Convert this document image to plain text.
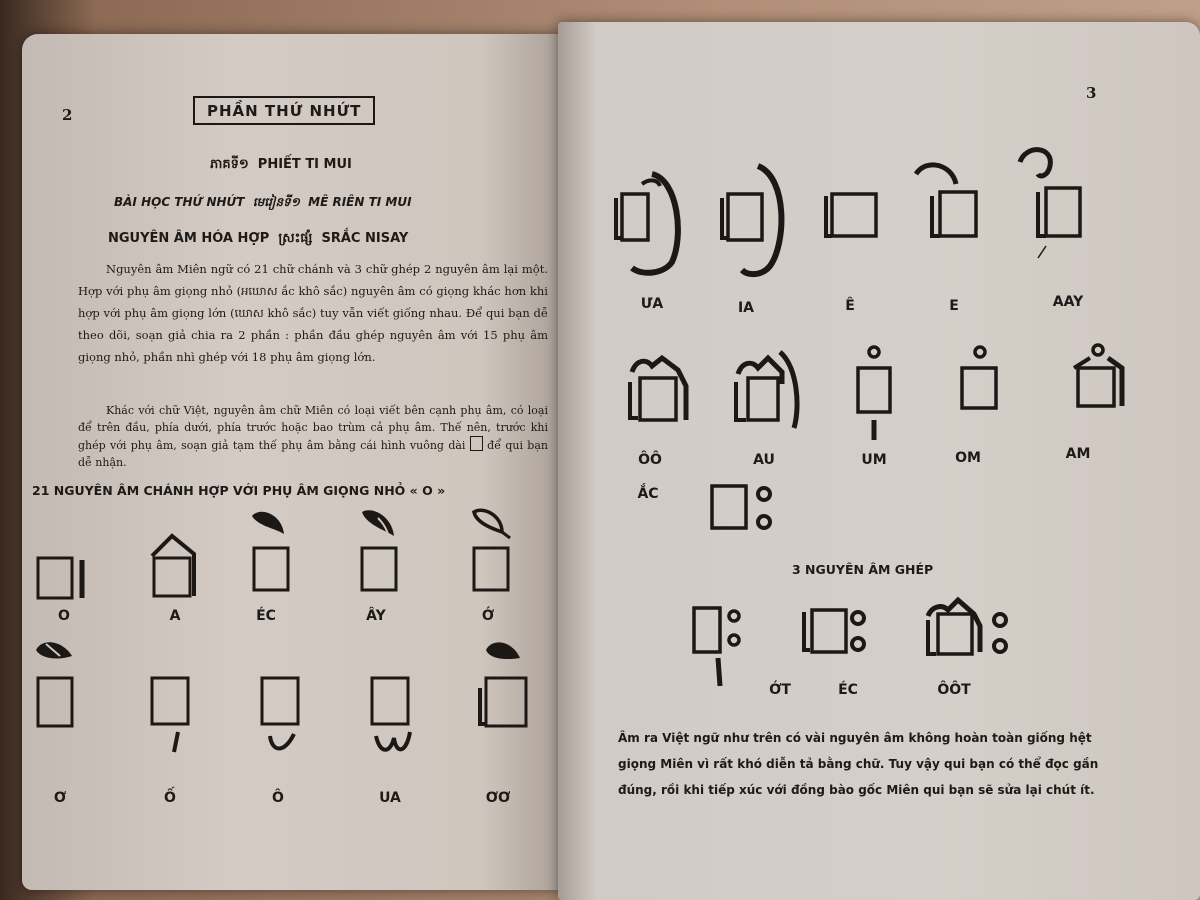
2	PHẦN THỨ NHỨT
ភាគទី១ PHIẾT TI MUI
BÀI HỌC THỨ NHỨT មេរៀនទី១ MÊ RIÊN TI MUI
NGUYÊN ÂM HÓA HỢP ស្រះផ្សំ SRẮC NISAY
Nguyên âm Miên ngữ có 21 chữ chánh và 3 chữ ghép 2 nguyên âm lại một. Hợp với phụ âm giọng nhỏ (អឃោស ắc khô sắc) nguyên âm có giọng khác hơn khi hợp với phụ âm giọng lớn (ឃោស khô sắc) tuy vẫn viết giống nhau. Để qui bạn dễ theo dõi, soạn giả chia ra 2 phần : phần đầu ghép nguyên âm với 15 phụ âm giọng nhỏ, phần nhì ghép với 18 phụ âm giọng lớn.
Khác với chữ Việt, nguyên âm chữ Miên có loại viết bên cạnh phụ âm, có loại để trên đầu, phía dưới, phía trước hoặc bao trùm cả phụ âm. Thế nên, trước khi ghép với phụ âm, soạn giả tạm thế phụ âm bằng cái hình vuông dài để qui bạn dễ nhận.
21 NGUYÊN ÂM CHÁNH HỢP VỚI PHỤ ÂM GIỌNG NHỎ « O »
O	A	ÉC	ÂY	Ớ
Ơ	Ố	Ô	UA	ƠƠ
3
ƯA	IA	Ê	E	AAY
ÔÔ	AU	UM	OM	AM
ẮC
3 NGUYÊN ÂM GHÉP
ỚT	ÉC	ÔÔT
Âm ra Việt ngữ như trên có vài nguyên âm không hoàn toàn giống hệt
giọng Miên vì rất khó diễn tả bằng chữ. Tuy vậy qui bạn có thể đọc gần
đúng, rồi khi tiếp xúc với đồng bào gốc Miên qui bạn sẽ sửa lại chút ít.
